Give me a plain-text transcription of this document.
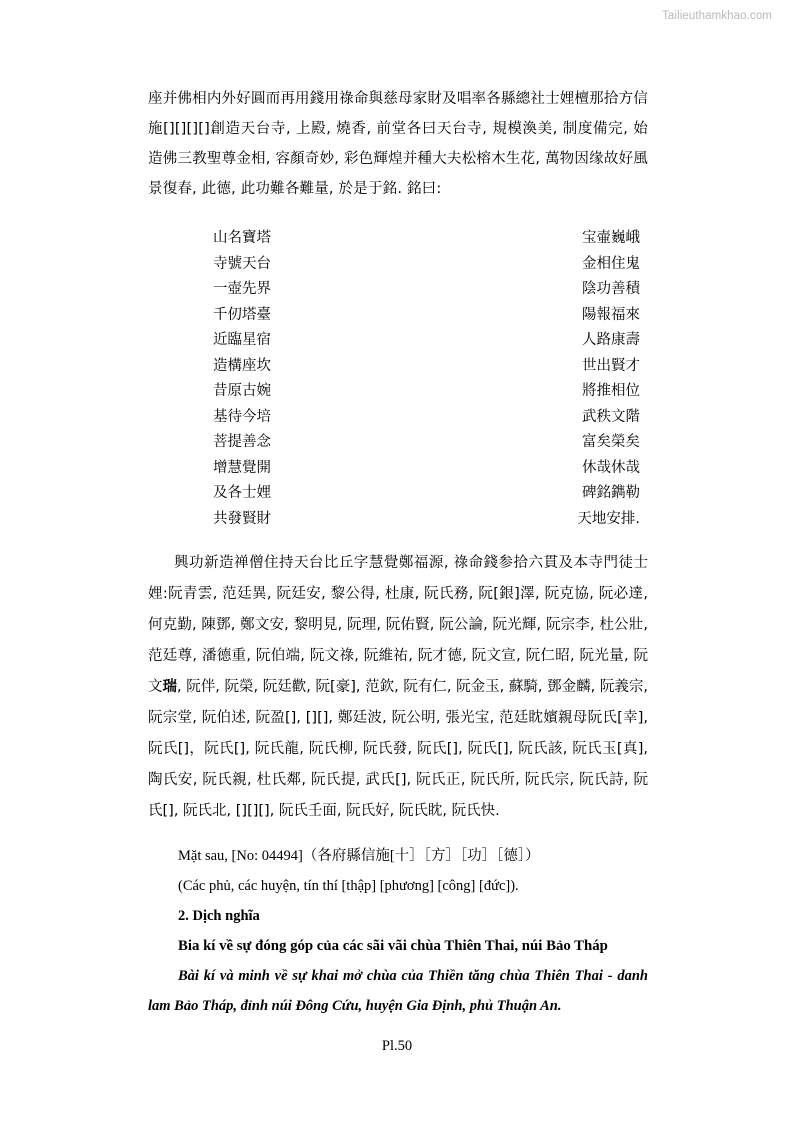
Tailieuthamkhao.com

座并佛相内外好圓而再用錢用祿命與慈母家財及唱率各縣總社士娌檀那拾方信施[][][][]創造天台寺, 上殿, 燒香, 前堂各曰天台寺, 規模渙美, 制度備完, 始造佛三教聖尊金相, 容顏奇妙, 彩色輝煌并種大夫松榕木生花, 萬物因缘故好風景復春, 此德, 此功難各難量, 於是于銘. 銘曰:

山名寶塔	宝壷巍峨
寺號天台	金相住鬼
一壺先界	陰功善積
千仞塔臺	陽報福來
近臨星宿	人路康壽
造構座坎	世出賢才
昔原古婉	將推相位
基待今培	武秩文階
菩提善念	富矣榮矣
增慧覺開	休哉休哉
及各士娌	碑銘鐫勒
共發賢財	天地安排.

興功新造禅僧住持天台比丘字慧覺鄭福源, 祿命錢参拾六貫及本寺門徒士娌:阮青雲, 范廷異, 阮廷安, 黎公得, 杜康, 阮氏務, 阮[銀]澤, 阮克協, 阮必達, 何克勤, 陳鄧, 鄭文安, 黎明見, 阮理, 阮佑賢, 阮公論, 阮光輝, 阮宗李, 杜公壯, 范廷尊, 潘德重, 阮伯端, 阮文祿, 阮維祐, 阮才德, 阮文宣, 阮仁昭, 阮光量, 阮文瑞, 阮伴, 阮榮, 阮廷歡, 阮[豪], 范欽, 阮有仁, 阮金玉, 蘇騎, 鄧金麟, 阮義宗, 阮宗堂, 阮伯述, 阮盈[], [][], 鄭廷波, 阮公明, 張光宝, 范廷眈嬪親母阮氏[幸], 阮氏[]，阮氏[], 阮氏龍, 阮氏柳, 阮氏發, 阮氏[], 阮氏[], 阮氏該, 阮氏玉[真], 陶氏安, 阮氏親, 杜氏鄰, 阮氏提, 武氏[], 阮氏正, 阮氏所, 阮氏宗, 阮氏詩, 阮氏[], 阮氏北, [][][], 阮氏壬面, 阮氏好, 阮氏眈, 阮氏快.

Mặt sau, [No: 04494]（各府縣信施[十］［方］［功］［德］）

(Các phủ, các huyện, tín thí [thập] [phương] [công] [đức]).

2. Dịch nghĩa

Bia kí về sự đóng góp của các sãi vãi chùa Thiên Thai, núi Bảo Tháp

Bài kí và minh về sự khai mở chùa của Thiền tăng chùa Thiên Thai - danh lam Bảo Tháp, đỉnh núi Đông Cứu, huyện Gia Định, phủ Thuận An.

Pl.50
